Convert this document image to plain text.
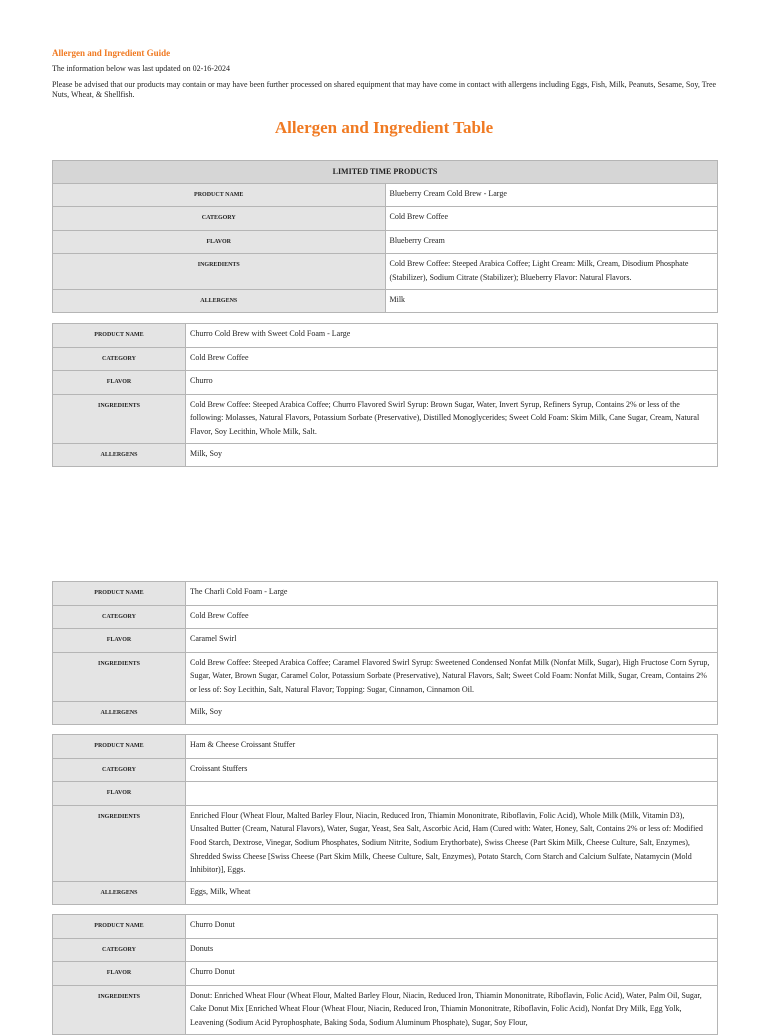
Allergen and Ingredient Guide
The information below was last updated on 02-16-2024
Please be advised that our products may contain or may have been further processed on shared equipment that may have come in contact with allergens including Eggs, Fish, Milk, Peanuts, Sesame, Soy, Tree Nuts, Wheat, & Shellfish.
Allergen and Ingredient Table
LIMITED TIME PRODUCTS	
PRODUCT NAME	Blueberry Cream Cold Brew - Large
CATEGORY	Cold Brew Coffee
FLAVOR	Blueberry Cream
INGREDIENTS	Cold Brew Coffee: Steeped Arabica Coffee; Light Cream: Milk, Cream, Disodium Phosphate (Stabilizer), Sodium Citrate (Stabilizer); Blueberry Flavor: Natural Flavors.
ALLERGENS	Milk
PRODUCT NAME	Churro Cold Brew with Sweet Cold Foam - Large
CATEGORY	Cold Brew Coffee
FLAVOR	Churro
INGREDIENTS	Cold Brew Coffee: Steeped Arabica Coffee; Churro Flavored Swirl Syrup: Brown Sugar, Water, Invert Syrup, Refiners Syrup, Contains 2% or less of the following: Molasses, Natural Flavors, Potassium Sorbate (Preservative), Distilled Monoglycerides; Sweet Cold Foam: Skim Milk, Cane Sugar, Cream, Natural Flavor, Soy Lecithin, Whole Milk, Salt.
ALLERGENS	Milk, Soy
PRODUCT NAME	The Charli Cold Foam - Large
CATEGORY	Cold Brew Coffee
FLAVOR	Caramel Swirl
INGREDIENTS	Cold Brew Coffee: Steeped Arabica Coffee; Caramel Flavored Swirl Syrup: Sweetened Condensed Nonfat Milk (Nonfat Milk, Sugar), High Fructose Corn Syrup, Sugar, Water, Brown Sugar, Caramel Color, Potassium Sorbate (Preservative), Natural Flavors, Salt; Sweet Cold Foam: Nonfat Milk, Sugar, Cream, Contains 2% or less of: Soy Lecithin, Salt, Natural Flavor; Topping: Sugar, Cinnamon, Cinnamon Oil.
ALLERGENS	Milk, Soy
PRODUCT NAME	Ham & Cheese Croissant Stuffer
CATEGORY	Croissant Stuffers
FLAVOR	
INGREDIENTS	Enriched Flour (Wheat Flour, Malted Barley Flour, Niacin, Reduced Iron, Thiamin Mononitrate, Riboflavin, Folic Acid), Whole Milk (Milk, Vitamin D3), Unsalted Butter (Cream, Natural Flavors), Water, Sugar, Yeast, Sea Salt, Ascorbic Acid, Ham (Cured with: Water, Honey, Salt, Contains 2% or less of: Modified Food Starch, Dextrose, Vinegar, Sodium Phosphates, Sodium Nitrite, Sodium Erythorbate), Swiss Cheese (Part Skim Milk, Cheese Culture, Salt, Enzymes), Shredded Swiss Cheese [Swiss Cheese (Part Skim Milk, Cheese Culture, Salt, Enzymes), Potato Starch, Corn Starch and Calcium Sulfate, Natamycin (Mold Inhibitor)], Eggs.
ALLERGENS	Eggs, Milk, Wheat
PRODUCT NAME	Churro Donut
CATEGORY	Donuts
FLAVOR	Churro Donut
INGREDIENTS	Donut: Enriched Wheat Flour (Wheat Flour, Malted Barley Flour, Niacin, Reduced Iron, Thiamin Mononitrate, Riboflavin, Folic Acid), Water, Palm Oil, Sugar, Cake Donut Mix [Enriched Wheat Flour (Wheat Flour, Niacin, Reduced Iron, Thiamin Mononitrate, Riboflavin, Folic Acid), Nonfat Dry Milk, Egg Yolk, Leavening (Sodium Acid Pyrophosphate, Baking Soda, Sodium Aluminum Phosphate), Sugar, Soy Flour,
